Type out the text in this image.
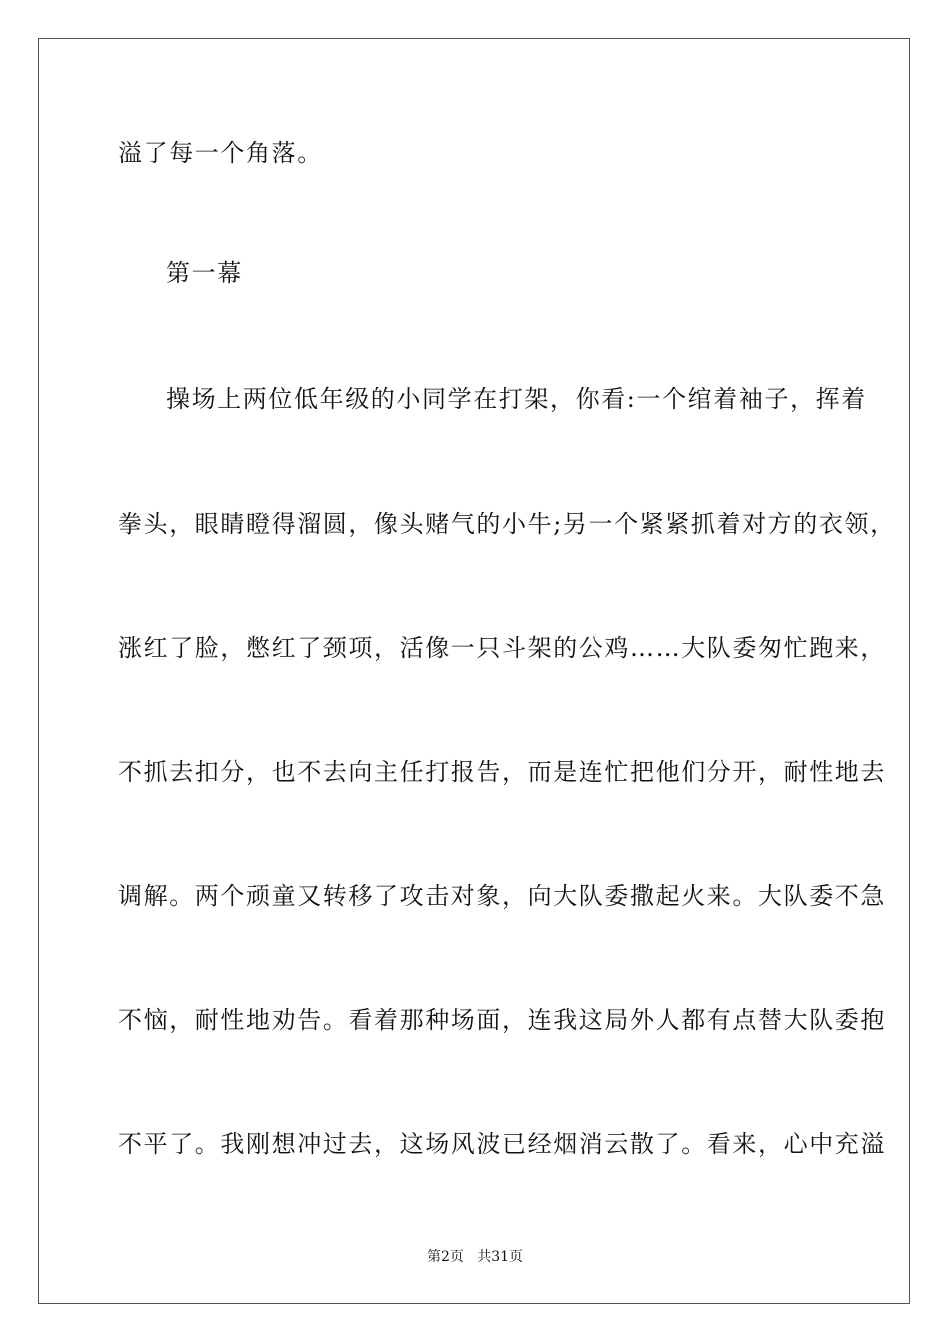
溢了每一个角落。
第一幕
操场上两位低年级的小同学在打架，你看:一个绾着袖子，挥着
拳头，眼睛瞪得溜圆，像头赌气的小牛;另一个紧紧抓着对方的衣领，
涨红了脸，憋红了颈项，活像一只斗架的公鸡……大队委匆忙跑来，
不抓去扣分，也不去向主任打报告，而是连忙把他们分开，耐性地去
调解。两个顽童又转移了攻击对象，向大队委撒起火来。大队委不急
不恼，耐性地劝告。看着那种场面，连我这局外人都有点替大队委抱
不平了。我刚想冲过去，这场风波已经烟消云散了。看来，心中充溢
第2页   共31页
